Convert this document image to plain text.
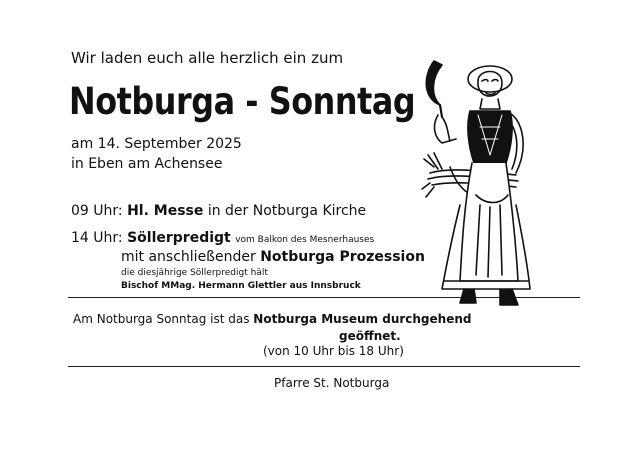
Wir laden euch alle herzlich ein zum
Notburga - Sonntag
am 14. September 2025
in Eben am Achensee
09 Uhr: Hl. Messe in der Notburga Kirche
14 Uhr: Söllerpredigt vom Balkon des Mesnerhauses
mit anschließender Notburga Prozession
die diesjährige Söllerpredigt hält
Bischof MMag. Hermann Glettler aus Innsbruck
Am Notburga Sonntag ist das Notburga Museum durchgehend
geöffnet.
(von 10 Uhr bis 18 Uhr)
Pfarre St. Notburga
